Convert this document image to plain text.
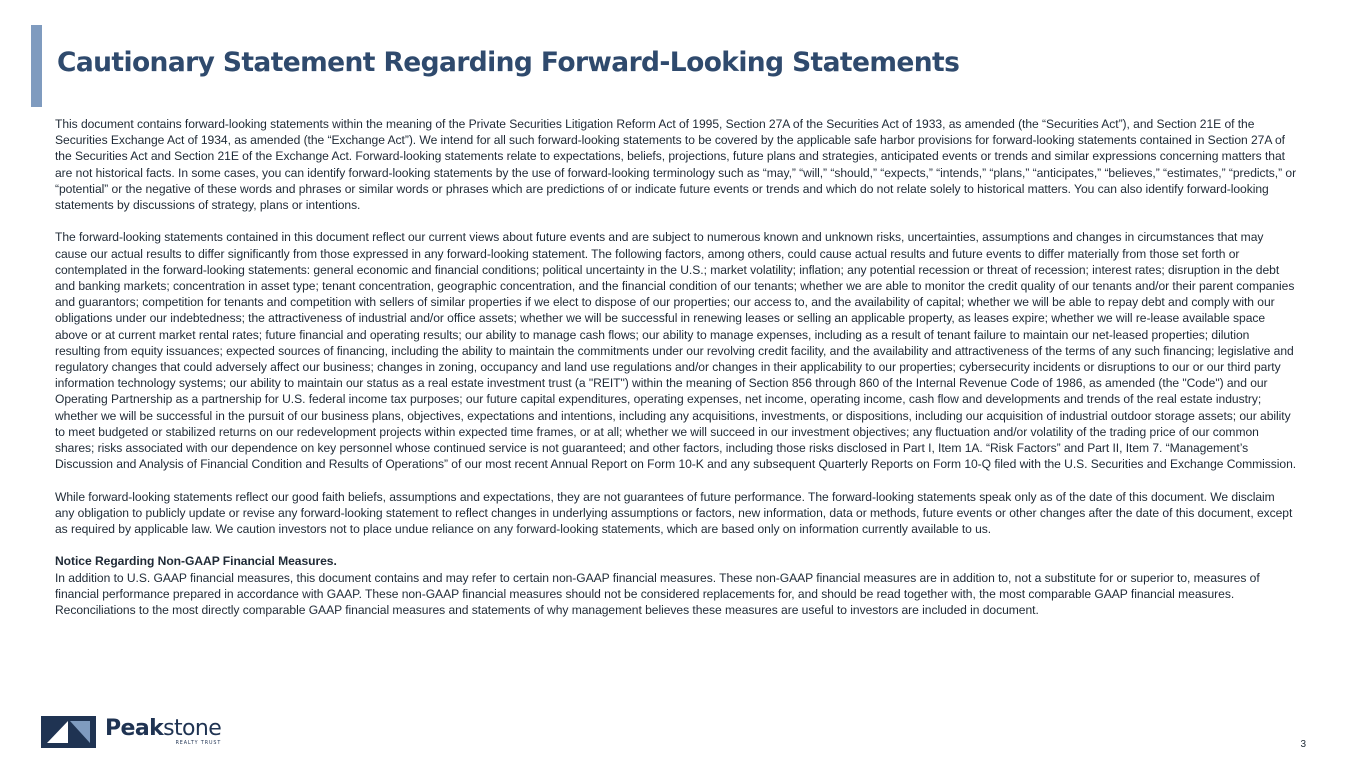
Cautionary Statement Regarding Forward-Looking Statements

This document contains forward-looking statements within the meaning of the Private Securities Litigation Reform Act of 1995, Section 27A of the Securities Act of 1933, as amended (the “Securities Act”), and Section 21E of the Securities Exchange Act of 1934, as amended (the “Exchange Act”). We intend for all such forward-looking statements to be covered by the applicable safe harbor provisions for forward-looking statements contained in Section 27A of the Securities Act and Section 21E of the Exchange Act. Forward-looking statements relate to expectations, beliefs, projections, future plans and strategies, anticipated events or trends and similar expressions concerning matters that are not historical facts. In some cases, you can identify forward-looking statements by the use of forward-looking terminology such as “may,” “will,” “should,” “expects,” “intends,” “plans,” “anticipates,” “believes,” “estimates,” “predicts,” or “potential” or the negative of these words and phrases or similar words or phrases which are predictions of or indicate future events or trends and which do not relate solely to historical matters. You can also identify forward-looking statements by discussions of strategy, plans or intentions.

The forward-looking statements contained in this document reflect our current views about future events and are subject to numerous known and unknown risks, uncertainties, assumptions and changes in circumstances that may cause our actual results to differ significantly from those expressed in any forward-looking statement. The following factors, among others, could cause actual results and future events to differ materially from those set forth or contemplated in the forward-looking statements: general economic and financial conditions; political uncertainty in the U.S.; market volatility; inflation; any potential recession or threat of recession; interest rates; disruption in the debt and banking markets; concentration in asset type; tenant concentration, geographic concentration, and the financial condition of our tenants; whether we are able to monitor the credit quality of our tenants and/or their parent companies and guarantors; competition for tenants and competition with sellers of similar properties if we elect to dispose of our properties; our access to, and the availability of capital; whether we will be able to repay debt and comply with our obligations under our indebtedness; the attractiveness of industrial and/or office assets; whether we will be successful in renewing leases or selling an applicable property, as leases expire; whether we will re-lease available space above or at current market rental rates; future financial and operating results; our ability to manage cash flows; our ability to manage expenses, including as a result of tenant failure to maintain our net-leased properties; dilution resulting from equity issuances; expected sources of financing, including the ability to maintain the commitments under our revolving credit facility, and the availability and attractiveness of the terms of any such financing; legislative and regulatory changes that could adversely affect our business; changes in zoning, occupancy and land use regulations and/or changes in their applicability to our properties; cybersecurity incidents or disruptions to our or our third party information technology systems; our ability to maintain our status as a real estate investment trust (a "REIT") within the meaning of Section 856 through 860 of the Internal Revenue Code of 1986, as amended (the "Code") and our Operating Partnership as a partnership for U.S. federal income tax purposes; our future capital expenditures, operating expenses, net income, operating income, cash flow and developments and trends of the real estate industry; whether we will be successful in the pursuit of our business plans, objectives, expectations and intentions, including any acquisitions, investments, or dispositions, including our acquisition of industrial outdoor storage assets; our ability to meet budgeted or stabilized returns on our redevelopment projects within expected time frames, or at all; whether we will succeed in our investment objectives; any fluctuation and/or volatility of the trading price of our common shares; risks associated with our dependence on key personnel whose continued service is not guaranteed; and other factors, including those risks disclosed in Part I, Item 1A. “Risk Factors” and Part II, Item 7. “Management’s Discussion and Analysis of Financial Condition and Results of Operations” of our most recent Annual Report on Form 10-K and any subsequent Quarterly Reports on Form 10-Q filed with the U.S. Securities and Exchange Commission.

While forward-looking statements reflect our good faith beliefs, assumptions and expectations, they are not guarantees of future performance. The forward-looking statements speak only as of the date of this document. We disclaim any obligation to publicly update or revise any forward-looking statement to reflect changes in underlying assumptions or factors, new information, data or methods, future events or other changes after the date of this document, except as required by applicable law. We caution investors not to place undue reliance on any forward-looking statements, which are based only on information currently available to us.

Notice Regarding Non-GAAP Financial Measures.
In addition to U.S. GAAP financial measures, this document contains and may refer to certain non-GAAP financial measures. These non-GAAP financial measures are in addition to, not a substitute for or superior to, measures of financial performance prepared in accordance with GAAP. These non-GAAP financial measures should not be considered replacements for, and should be read together with, the most comparable GAAP financial measures. Reconciliations to the most directly comparable GAAP financial measures and statements of why management believes these measures are useful to investors are included in document.

Peakstone
REALTY TRUST	3
